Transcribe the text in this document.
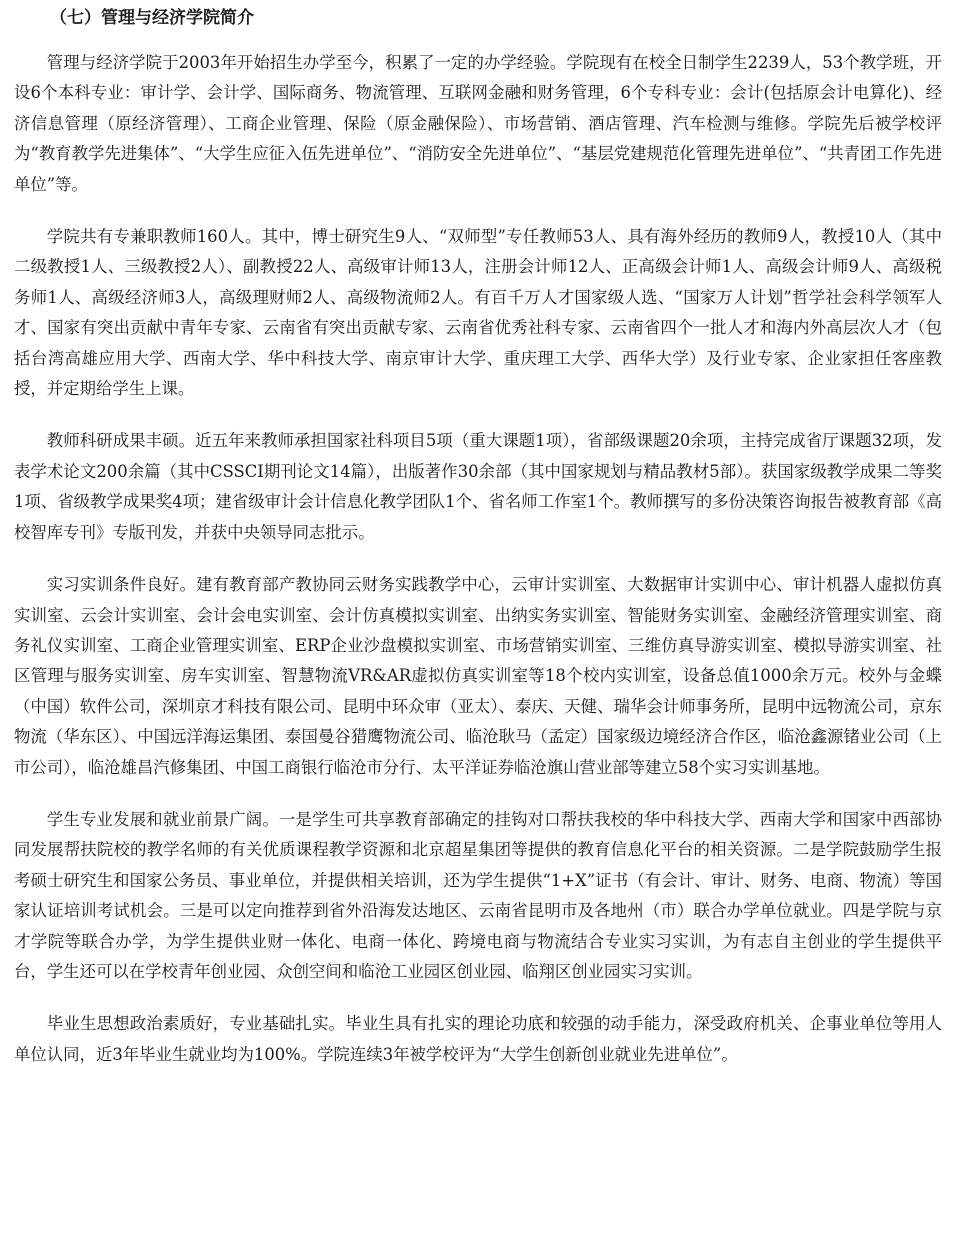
（七）管理与经济学院简介

管理与经济学院于2003年开始招生办学至今，积累了一定的办学经验。学院现有在校全日制学生2239人，53个教学班，开设6个本科专业：审计学、会计学、国际商务、物流管理、互联网金融和财务管理，6个专科专业：会计(包括原会计电算化)、经济信息管理（原经济管理）、工商企业管理、保险（原金融保险）、市场营销、酒店管理、汽车检测与维修。学院先后被学校评为“教育教学先进集体”、“大学生应征入伍先进单位”、“消防安全先进单位”、“基层党建规范化管理先进单位”、“共青团工作先进单位”等。

学院共有专兼职教师160人。其中，博士研究生9人、“双师型”专任教师53人、具有海外经历的教师9人，教授10人（其中二级教授1人、三级教授2人）、副教授22人、高级审计师13人，注册会计师12人、正高级会计师1人、高级会计师9人、高级税务师1人、高级经济师3人，高级理财师2人、高级物流师2人。有百千万人才国家级人选、“国家万人计划”哲学社会科学领军人才、国家有突出贡献中青年专家、云南省有突出贡献专家、云南省优秀社科专家、云南省四个一批人才和海内外高层次人才（包括台湾高雄应用大学、西南大学、华中科技大学、南京审计大学、重庆理工大学、西华大学）及行业专家、企业家担任客座教授，并定期给学生上课。

教师科研成果丰硕。近五年来教师承担国家社科项目5项（重大课题1项），省部级课题20余项，主持完成省厅课题32项，发表学术论文200余篇（其中CSSCI期刊论文14篇），出版著作30余部（其中国家规划与精品教材5部）。获国家级教学成果二等奖1项、省级教学成果奖4项；建省级审计会计信息化教学团队1个、省名师工作室1个。教师撰写的多份决策咨询报告被教育部《高校智库专刊》专版刊发，并获中央领导同志批示。

实习实训条件良好。建有教育部产教协同云财务实践教学中心，云审计实训室、大数据审计实训中心、审计机器人虚拟仿真实训室、云会计实训室、会计会电实训室、会计仿真模拟实训室、出纳实务实训室、智能财务实训室、金融经济管理实训室、商务礼仪实训室、工商企业管理实训室、ERP企业沙盘模拟实训室、市场营销实训室、三维仿真导游实训室、模拟导游实训室、社区管理与服务实训室、房车实训室、智慧物流VR&AR虚拟仿真实训室等18个校内实训室，设备总值1000余万元。校外与金蝶（中国）软件公司，深圳京才科技有限公司、昆明中环众审（亚太）、泰庆、天健、瑞华会计师事务所，昆明中远物流公司，京东物流（华东区）、中国远洋海运集团、泰国曼谷猎鹰物流公司、临沧耿马（孟定）国家级边境经济合作区，临沧鑫源锗业公司（上市公司），临沧雄昌汽修集团、中国工商银行临沧市分行、太平洋证券临沧旗山营业部等建立58个实习实训基地。

学生专业发展和就业前景广阔。一是学生可共享教育部确定的挂钩对口帮扶我校的华中科技大学、西南大学和国家中西部协同发展帮扶院校的教学名师的有关优质课程教学资源和北京超星集团等提供的教育信息化平台的相关资源。二是学院鼓励学生报考硕士研究生和国家公务员、事业单位，并提供相关培训，还为学生提供“1+X”证书（有会计、审计、财务、电商、物流）等国家认证培训考试机会。三是可以定向推荐到省外沿海发达地区、云南省昆明市及各地州（市）联合办学单位就业。四是学院与京才学院等联合办学，为学生提供业财一体化、电商一体化、跨境电商与物流结合专业实习实训，为有志自主创业的学生提供平台，学生还可以在学校青年创业园、众创空间和临沧工业园区创业园、临翔区创业园实习实训。

毕业生思想政治素质好，专业基础扎实。毕业生具有扎实的理论功底和较强的动手能力，深受政府机关、企事业单位等用人单位认同，近3年毕业生就业均为100%。学院连续3年被学校评为“大学生创新创业就业先进单位”。
